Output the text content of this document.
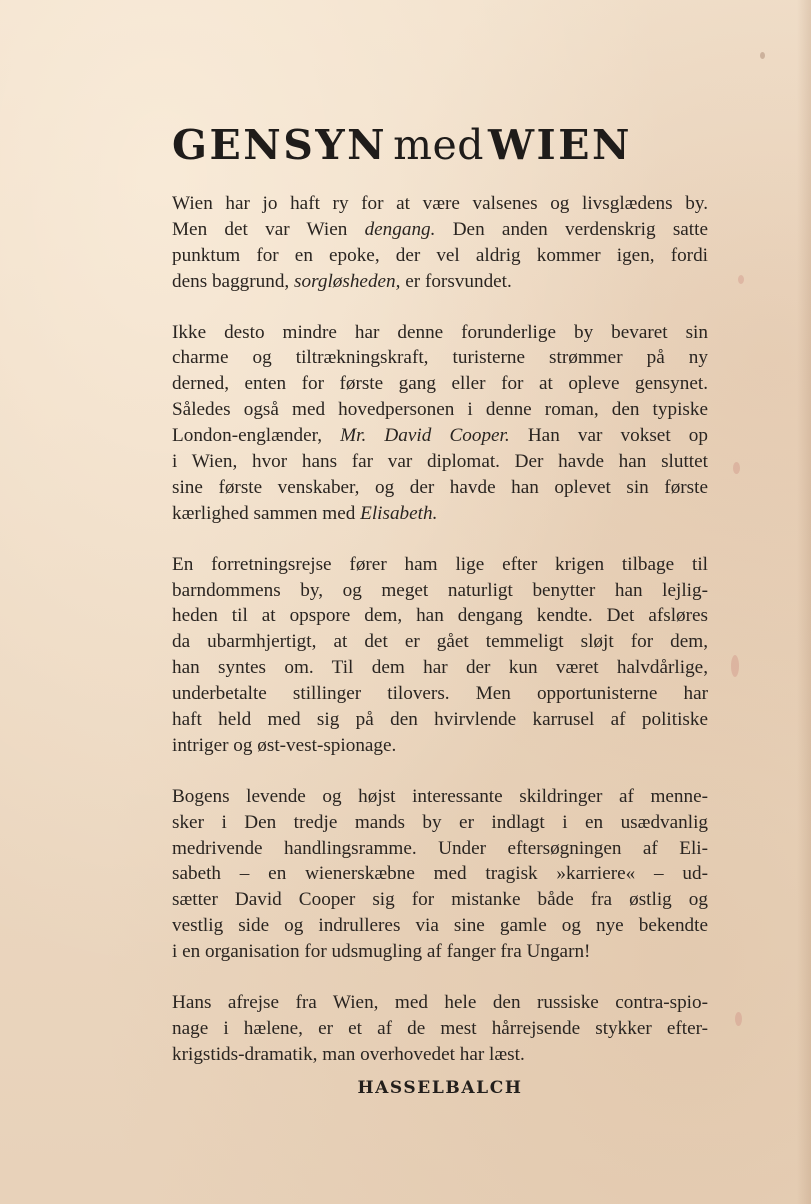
GENSYN medWIEN
Wien har jo haft ry for at være valsenes og livsglædens by.
Men det var Wien dengang. Den anden verdenskrig satte
punktum for en epoke, der vel aldrig kommer igen, fordi
dens baggrund, sorgløsheden, er forsvundet.
Ikke desto mindre har denne forunderlige by bevaret sin
charme og tiltrækningskraft, turisterne strømmer på ny
derned, enten for første gang eller for at opleve gensynet.
Således også med hovedpersonen i denne roman, den typiske
London-englænder, Mr. David Cooper. Han var vokset op
i Wien, hvor hans far var diplomat. Der havde han sluttet
sine første venskaber, og der havde han oplevet sin første
kærlighed sammen med Elisabeth.
En forretningsrejse fører ham lige efter krigen tilbage til
barndommens by, og meget naturligt benytter han lejlig-
heden til at opspore dem, han dengang kendte. Det afsløres
da ubarmhjertigt, at det er gået temmeligt sløjt for dem,
han syntes om. Til dem har der kun været halvdårlige,
underbetalte stillinger tilovers. Men opportunisterne har
haft held med sig på den hvirvlende karrusel af politiske
intriger og øst-vest-spionage.
Bogens levende og højst interessante skildringer af menne-
sker i Den tredje mands by er indlagt i en usædvanlig
medrivende handlingsramme. Under eftersøgningen af Eli-
sabeth – en wienerskæbne med tragisk »karriere« – ud-
sætter David Cooper sig for mistanke både fra østlig og
vestlig side og indrulleres via sine gamle og nye bekendte
i en organisation for udsmugling af fanger fra Ungarn!
Hans afrejse fra Wien, med hele den russiske contra-spio-
nage i hælene, er et af de mest hårrejsende stykker efter-
krigstids-dramatik, man overhovedet har læst.
HASSELBALCH
